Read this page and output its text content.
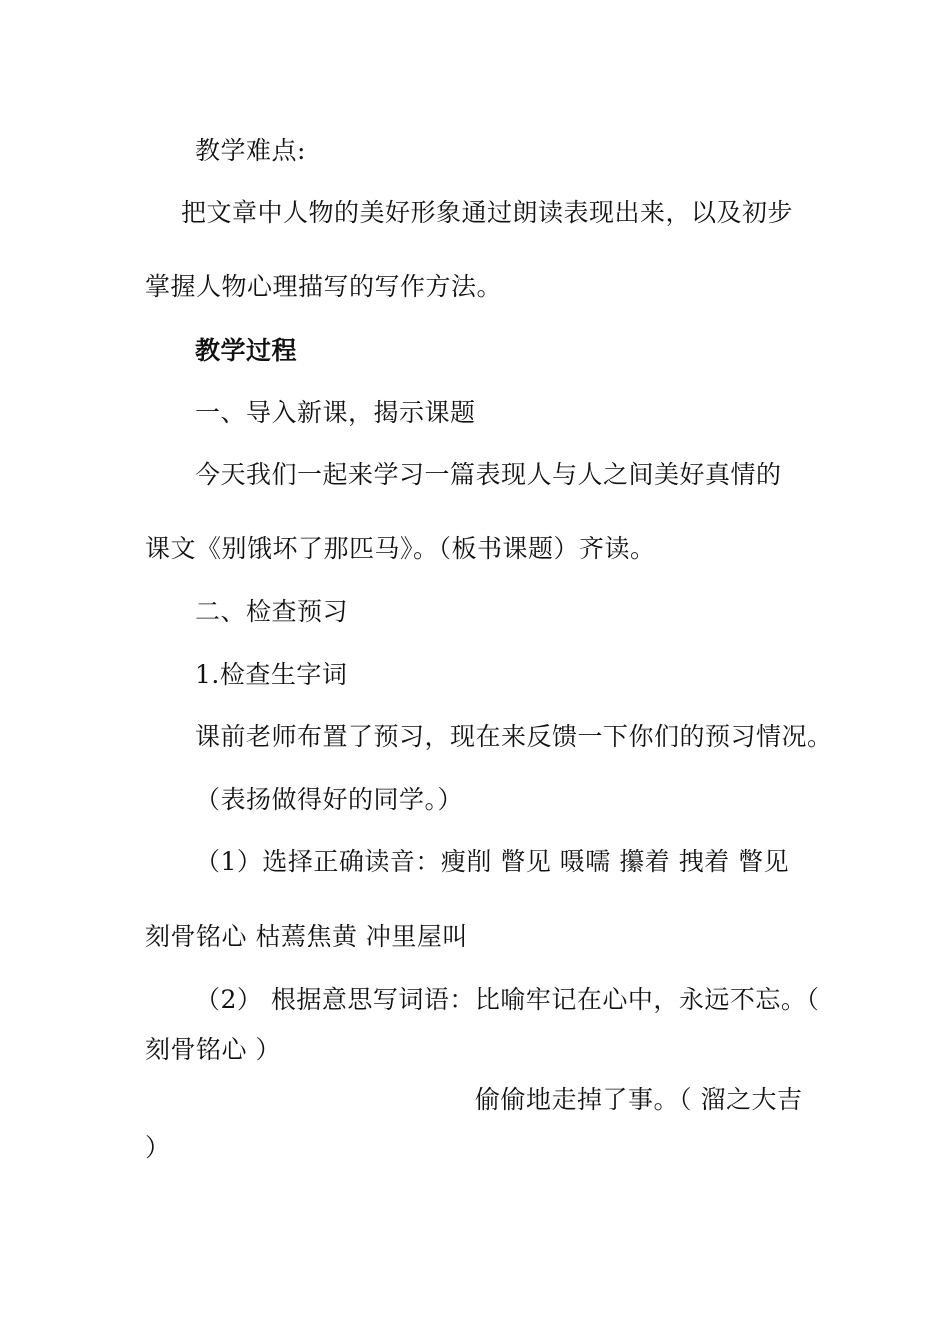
教学难点:
把文章中人物的美好形象通过朗读表现出来，以及初步
掌握人物心理描写的写作方法。
教学过程
一、导入新课，揭示课题
今天我们一起来学习一篇表现人与人之间美好真情的
课文《别饿坏了那匹马》。（板书课题）齐读。
二、检查预习
1.检查生字词
课前老师布置了预习，现在来反馈一下你们的预习情况。
（表扬做得好的同学。）
（1）选择正确读音：瘦削 瞥见 嗫嚅 攥着 拽着 瞥见
刻骨铭心 枯蔫焦黄 冲里屋叫
（2） 根据意思写词语：比喻牢记在心中，永远不忘。（
刻骨铭心 ）
偷偷地走掉了事。（ 溜之大吉
）
